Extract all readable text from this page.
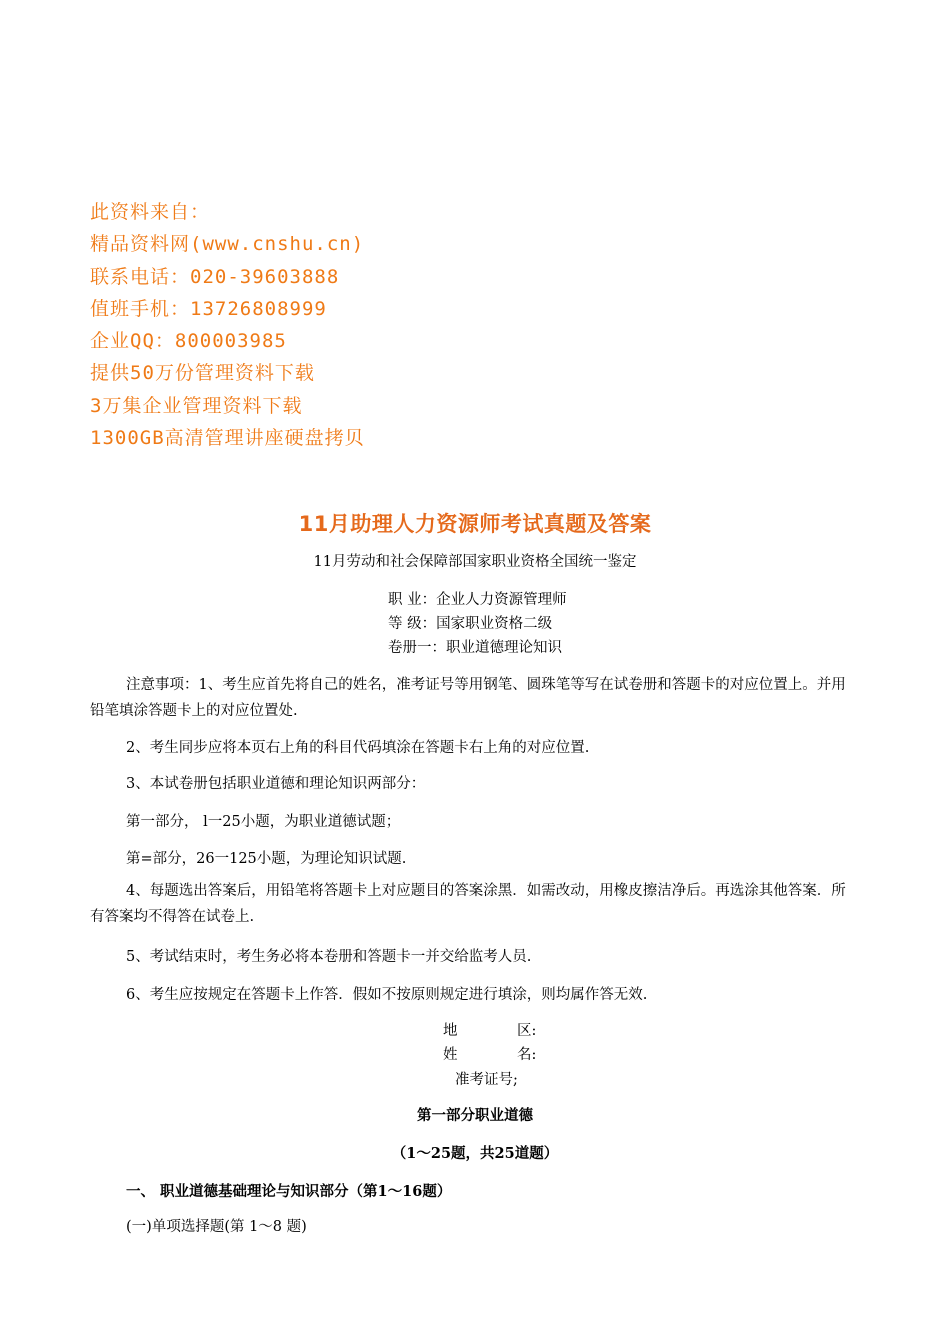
此资料来自：
精品资料网(www.cnshu.cn)
联系电话：020-39603888
值班手机：13726808999
企业QQ：800003985
提供50万份管理资料下载
3万集企业管理资料下载
1300GB高清管理讲座硬盘拷贝
11月助理人力资源师考试真题及答案
11月劳动和社会保障部国家职业资格全国统一鉴定
职 业：企业人力资源管理师
等 级：国家职业资格二级
卷册一：职业道德理论知识
注意事项：1、考生应首先将自己的姓名，准考证号等用钢笔、圆珠笔等写在试卷册和答题卡的对应位置上。并用铅笔填涂答题卡上的对应位置处.
2、考生同步应将本页右上角的科目代码填涂在答题卡右上角的对应位置.
3、本试卷册包括职业道德和理论知识两部分：
第一部分， l一25小题，为职业道德试题；
第=部分，26一125小题，为理论知识试题.
4、每题选出答案后，用铅笔将答题卡上对应题目的答案涂黑．如需改动，用橡皮擦洁净后。再选涂其他答案．所有答案均不得答在试卷上.
5、考试结束时，考生务必将本卷册和答题卡一并交给监考人员.
6、考生应按规定在答题卡上作答．假如不按原则规定进行填涂，则均属作答无效.
地	区:
姓	名:
准考证号;
第一部分职业道德
（1～25题，共25道题）
一、 职业道德基础理论与知识部分（第1～16题）
(一)单项选择题(第 1～8 题)
